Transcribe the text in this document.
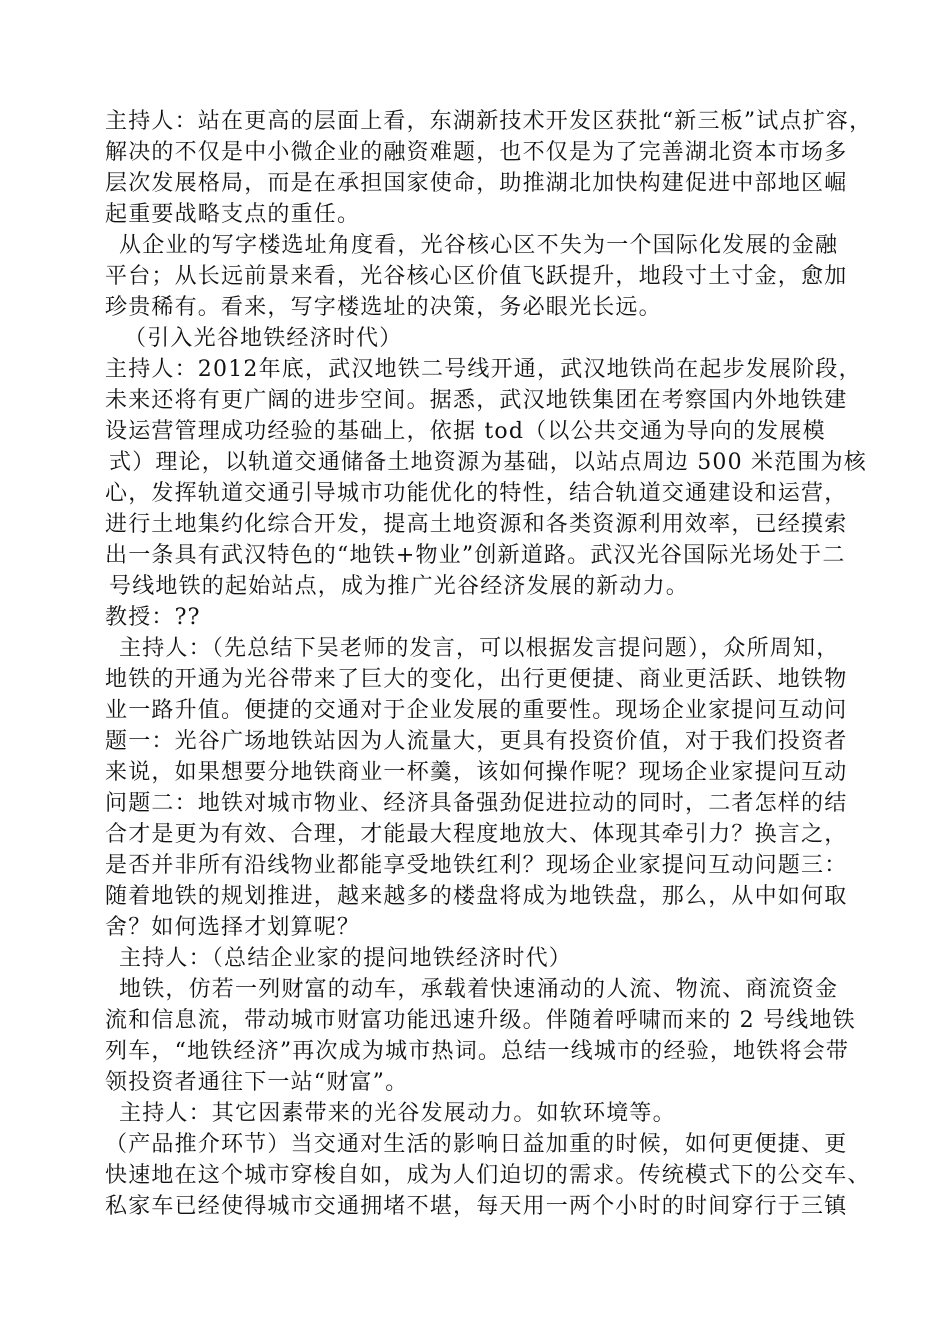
主持人：站在更高的层面上看，东湖新技术开发区获批“新三板”试点扩容，
解决的不仅是中小微企业的融资难题，也不仅是为了完善湖北资本市场多
层次发展格局，而是在承担国家使命，助推湖北加快构建促进中部地区崛
起重要战略支点的重任。
从企业的写字楼选址角度看，光谷核心区不失为一个国际化发展的金融
平台；从长远前景来看，光谷核心区价值飞跃提升，地段寸土寸金，愈加
珍贵稀有。看来，写字楼选址的决策，务必眼光长远。
（引入光谷地铁经济时代）
主持人：2012年底，武汉地铁二号线开通，武汉地铁尚在起步发展阶段，
未来还将有更广阔的进步空间。据悉，武汉地铁集团在考察国内外地铁建
设运营管理成功经验的基础上，依据 tod（以公共交通为导向的发展模
式）理论，以轨道交通储备土地资源为基础，以站点周边 500 米范围为核
心，发挥轨道交通引导城市功能优化的特性，结合轨道交通建设和运营，
进行土地集约化综合开发，提高土地资源和各类资源利用效率，已经摸索
出一条具有武汉特色的“地铁+物业”创新道路。武汉光谷国际光场处于二
号线地铁的起始站点，成为推广光谷经济发展的新动力。
教授：??
主持人：（先总结下吴老师的发言，可以根据发言提问题），众所周知，
地铁的开通为光谷带来了巨大的变化，出行更便捷、商业更活跃、地铁物
业一路升值。便捷的交通对于企业发展的重要性。现场企业家提问互动问
题一：光谷广场地铁站因为人流量大，更具有投资价值，对于我们投资者
来说，如果想要分地铁商业一杯羹，该如何操作呢？现场企业家提问互动
问题二：地铁对城市物业、经济具备强劲促进拉动的同时，二者怎样的结
合才是更为有效、合理，才能最大程度地放大、体现其牵引力？换言之，
是否并非所有沿线物业都能享受地铁红利？现场企业家提问互动问题三：
随着地铁的规划推进，越来越多的楼盘将成为地铁盘，那么，从中如何取
舍？如何选择才划算呢？
主持人：（总结企业家的提问地铁经济时代）
地铁，仿若一列财富的动车，承载着快速涌动的人流、物流、商流资金
流和信息流，带动城市财富功能迅速升级。伴随着呼啸而来的 2 号线地铁
列车，“地铁经济”再次成为城市热词。总结一线城市的经验，地铁将会带
领投资者通往下一站“财富”。
主持人：其它因素带来的光谷发展动力。如软环境等。
（产品推介环节）当交通对生活的影响日益加重的时候，如何更便捷、更
快速地在这个城市穿梭自如，成为人们迫切的需求。传统模式下的公交车、
私家车已经使得城市交通拥堵不堪，每天用一两个小时的时间穿行于三镇
